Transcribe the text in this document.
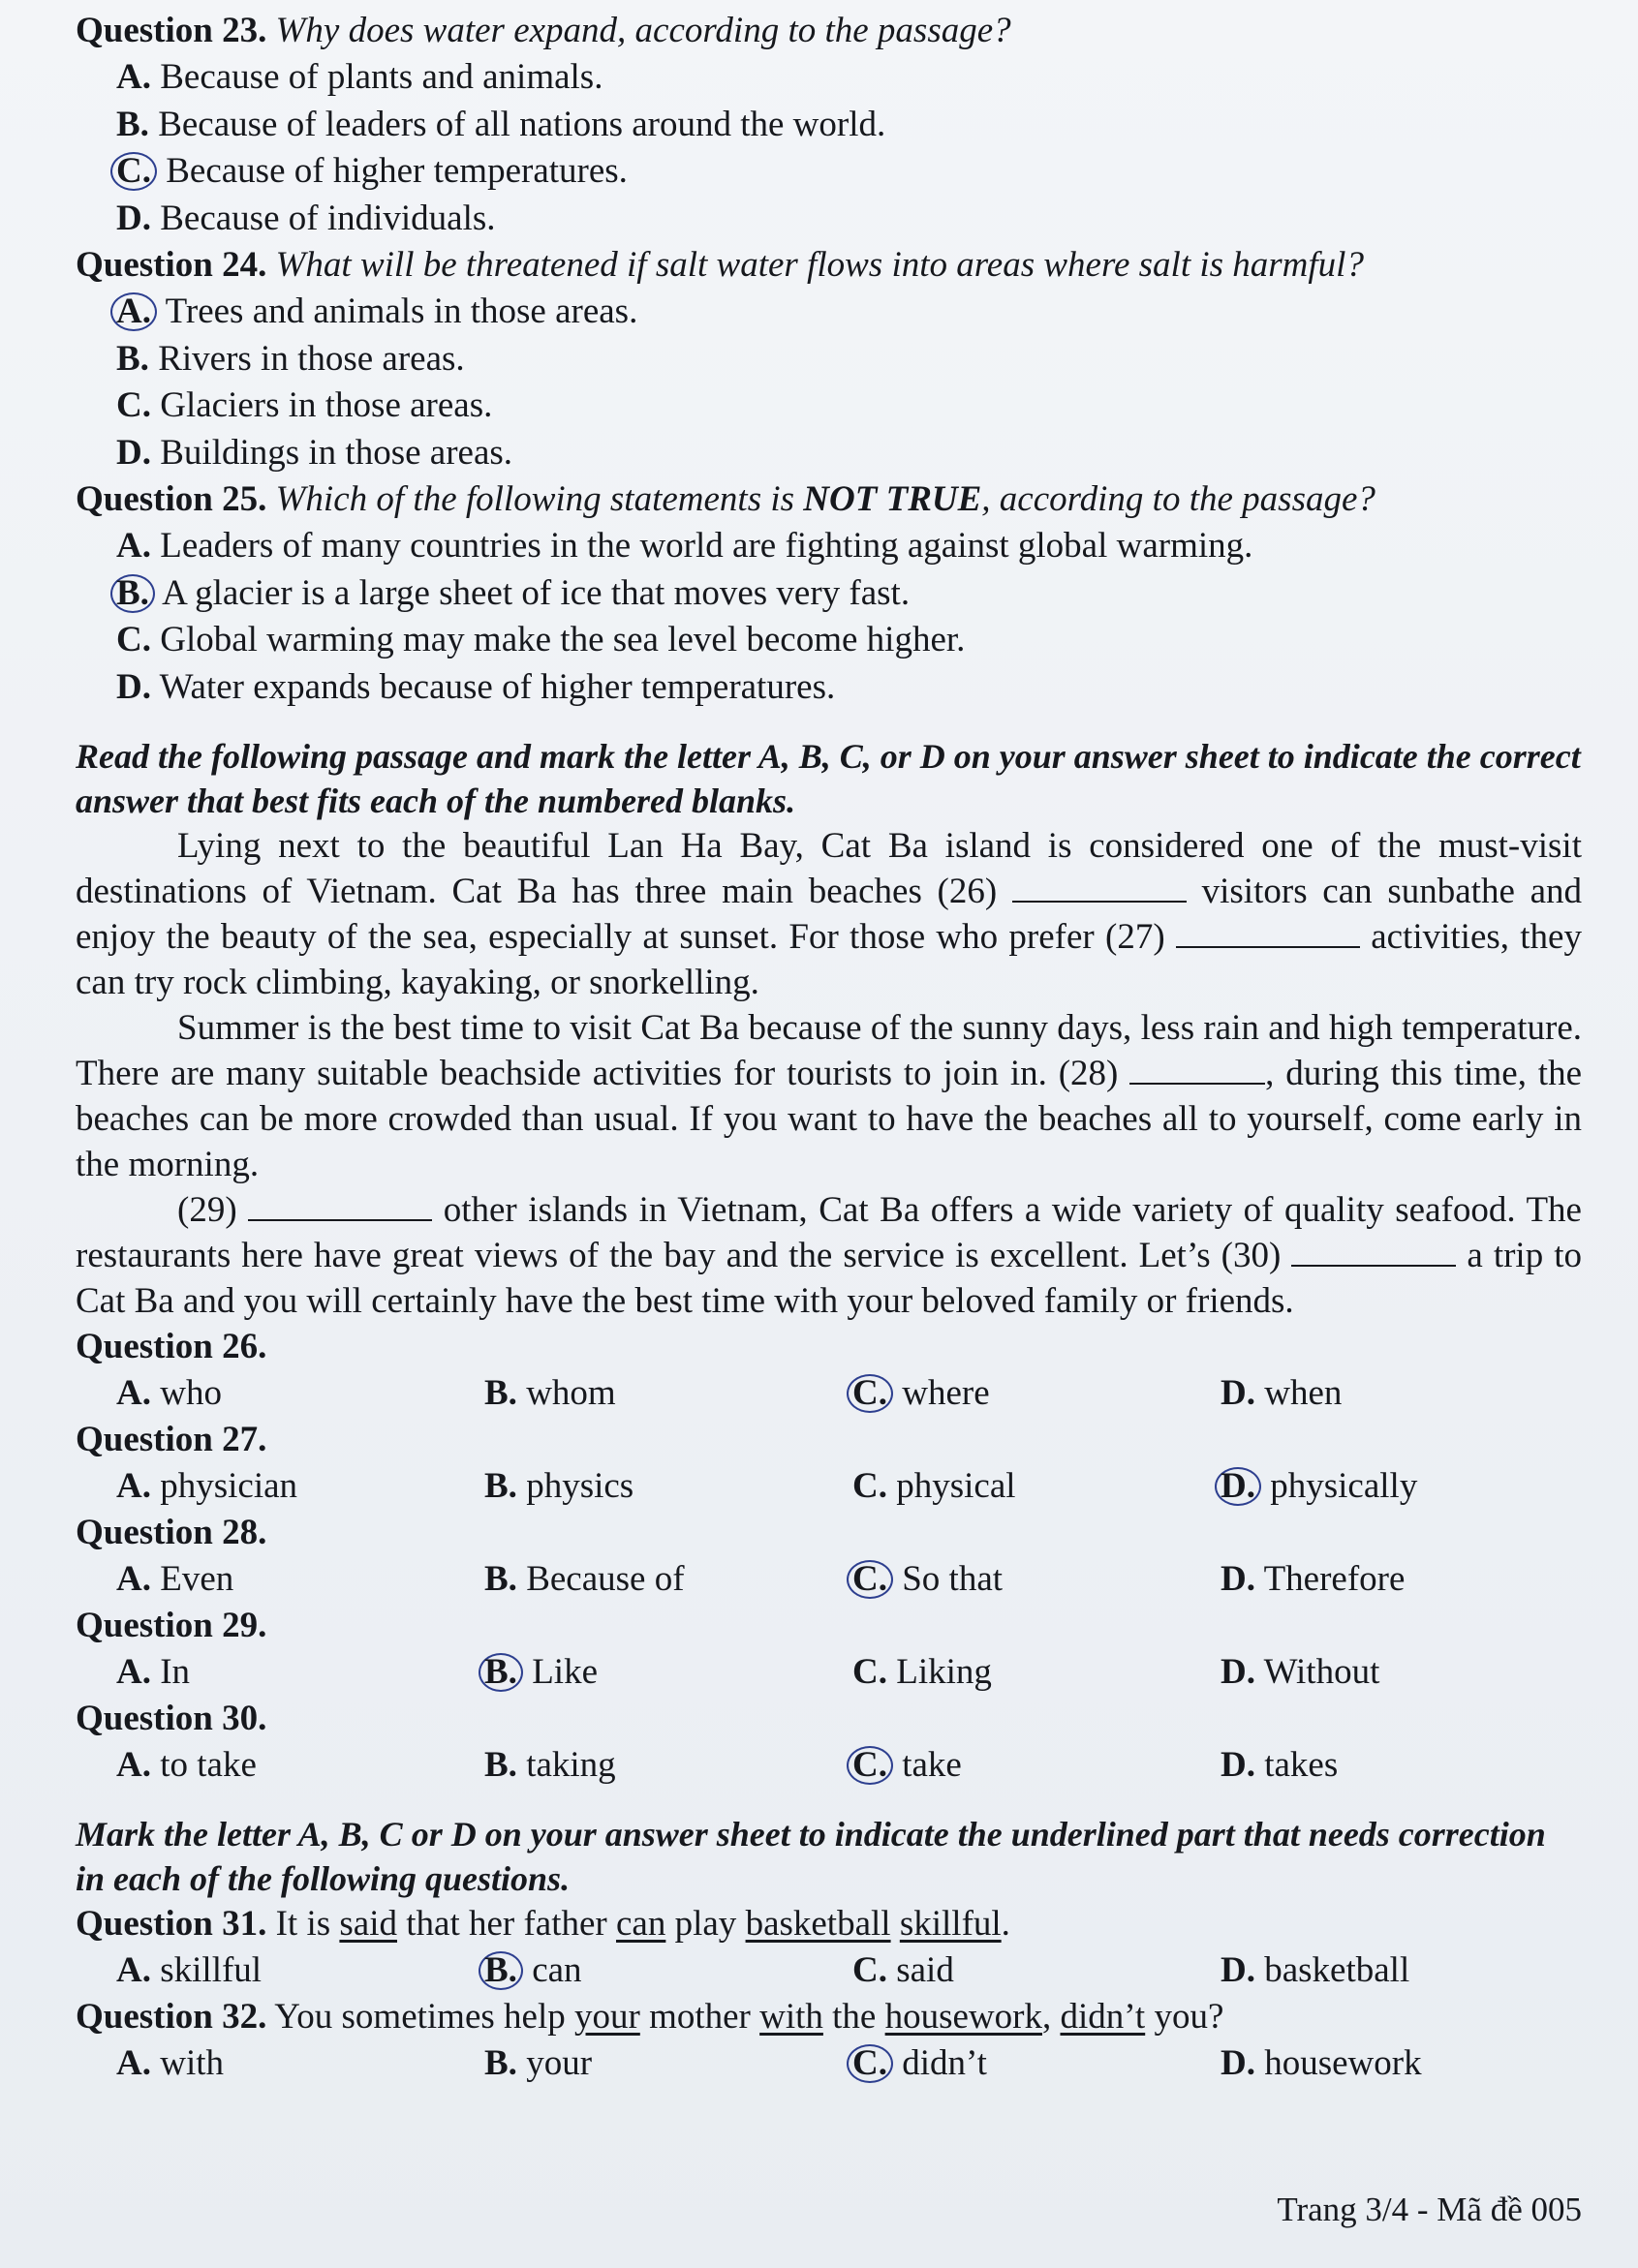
Question 23. Why does water expand, according to the passage?

A. Because of plants and animals.

B. Because of leaders of all nations around the world.

C. Because of higher temperatures.

D. Because of individuals.

Question 24. What will be threatened if salt water flows into areas where salt is harmful?

A. Trees and animals in those areas.

B. Rivers in those areas.

C. Glaciers in those areas.

D. Buildings in those areas.

Question 25. Which of the following statements is NOT TRUE, according to the passage?

A. Leaders of many countries in the world are fighting against global warming.

B. A glacier is a large sheet of ice that moves very fast.

C. Global warming may make the sea level become higher.

D. Water expands because of higher temperatures.

Read the following passage and mark the letter A, B, C, or D on your answer sheet to indicate the correct answer that best fits each of the numbered blanks.

Lying next to the beautiful Lan Ha Bay, Cat Ba island is considered one of the must-visit destinations of Vietnam. Cat Ba has three main beaches (26)	visitors can sunbathe and enjoy the beauty of the sea, especially at sunset. For those who prefer (27)	activities, they can try rock climbing, kayaking, or snorkelling.

Summer is the best time to visit Cat Ba because of the sunny days, less rain and high temperature. There are many suitable beachside activities for tourists to join in. (28)	, during this time, the beaches can be more crowded than usual. If you want to have the beaches all to yourself, come early in the morning.

(29)	other islands in Vietnam, Cat Ba offers a wide variety of quality seafood. The restaurants here have great views of the bay and the service is excellent. Let’s (30)	a trip to Cat Ba and you will certainly have the best time with your beloved family or friends.

Question 26.

A. who	B. whom	C. where	D. when

Question 27.

A. physician	B. physics	C. physical	D. physically

Question 28.

A. Even	B. Because of	C. So that	D. Therefore

Question 29.

A. In	B. Like	C. Liking	D. Without

Question 30.

A. to take	B. taking	C. take	D. takes

Mark the letter A, B, C or D on your answer sheet to indicate the underlined part that needs correction in each of the following questions.

Question 31. It is said that her father can play basketball skillful.

A. skillful	B. can	C. said	D. basketball

Question 32. You sometimes help your mother with the housework, didn’t you?

A. with	B. your	C. didn’t	D. housework
Trang 3/4 - Mã đề 005
